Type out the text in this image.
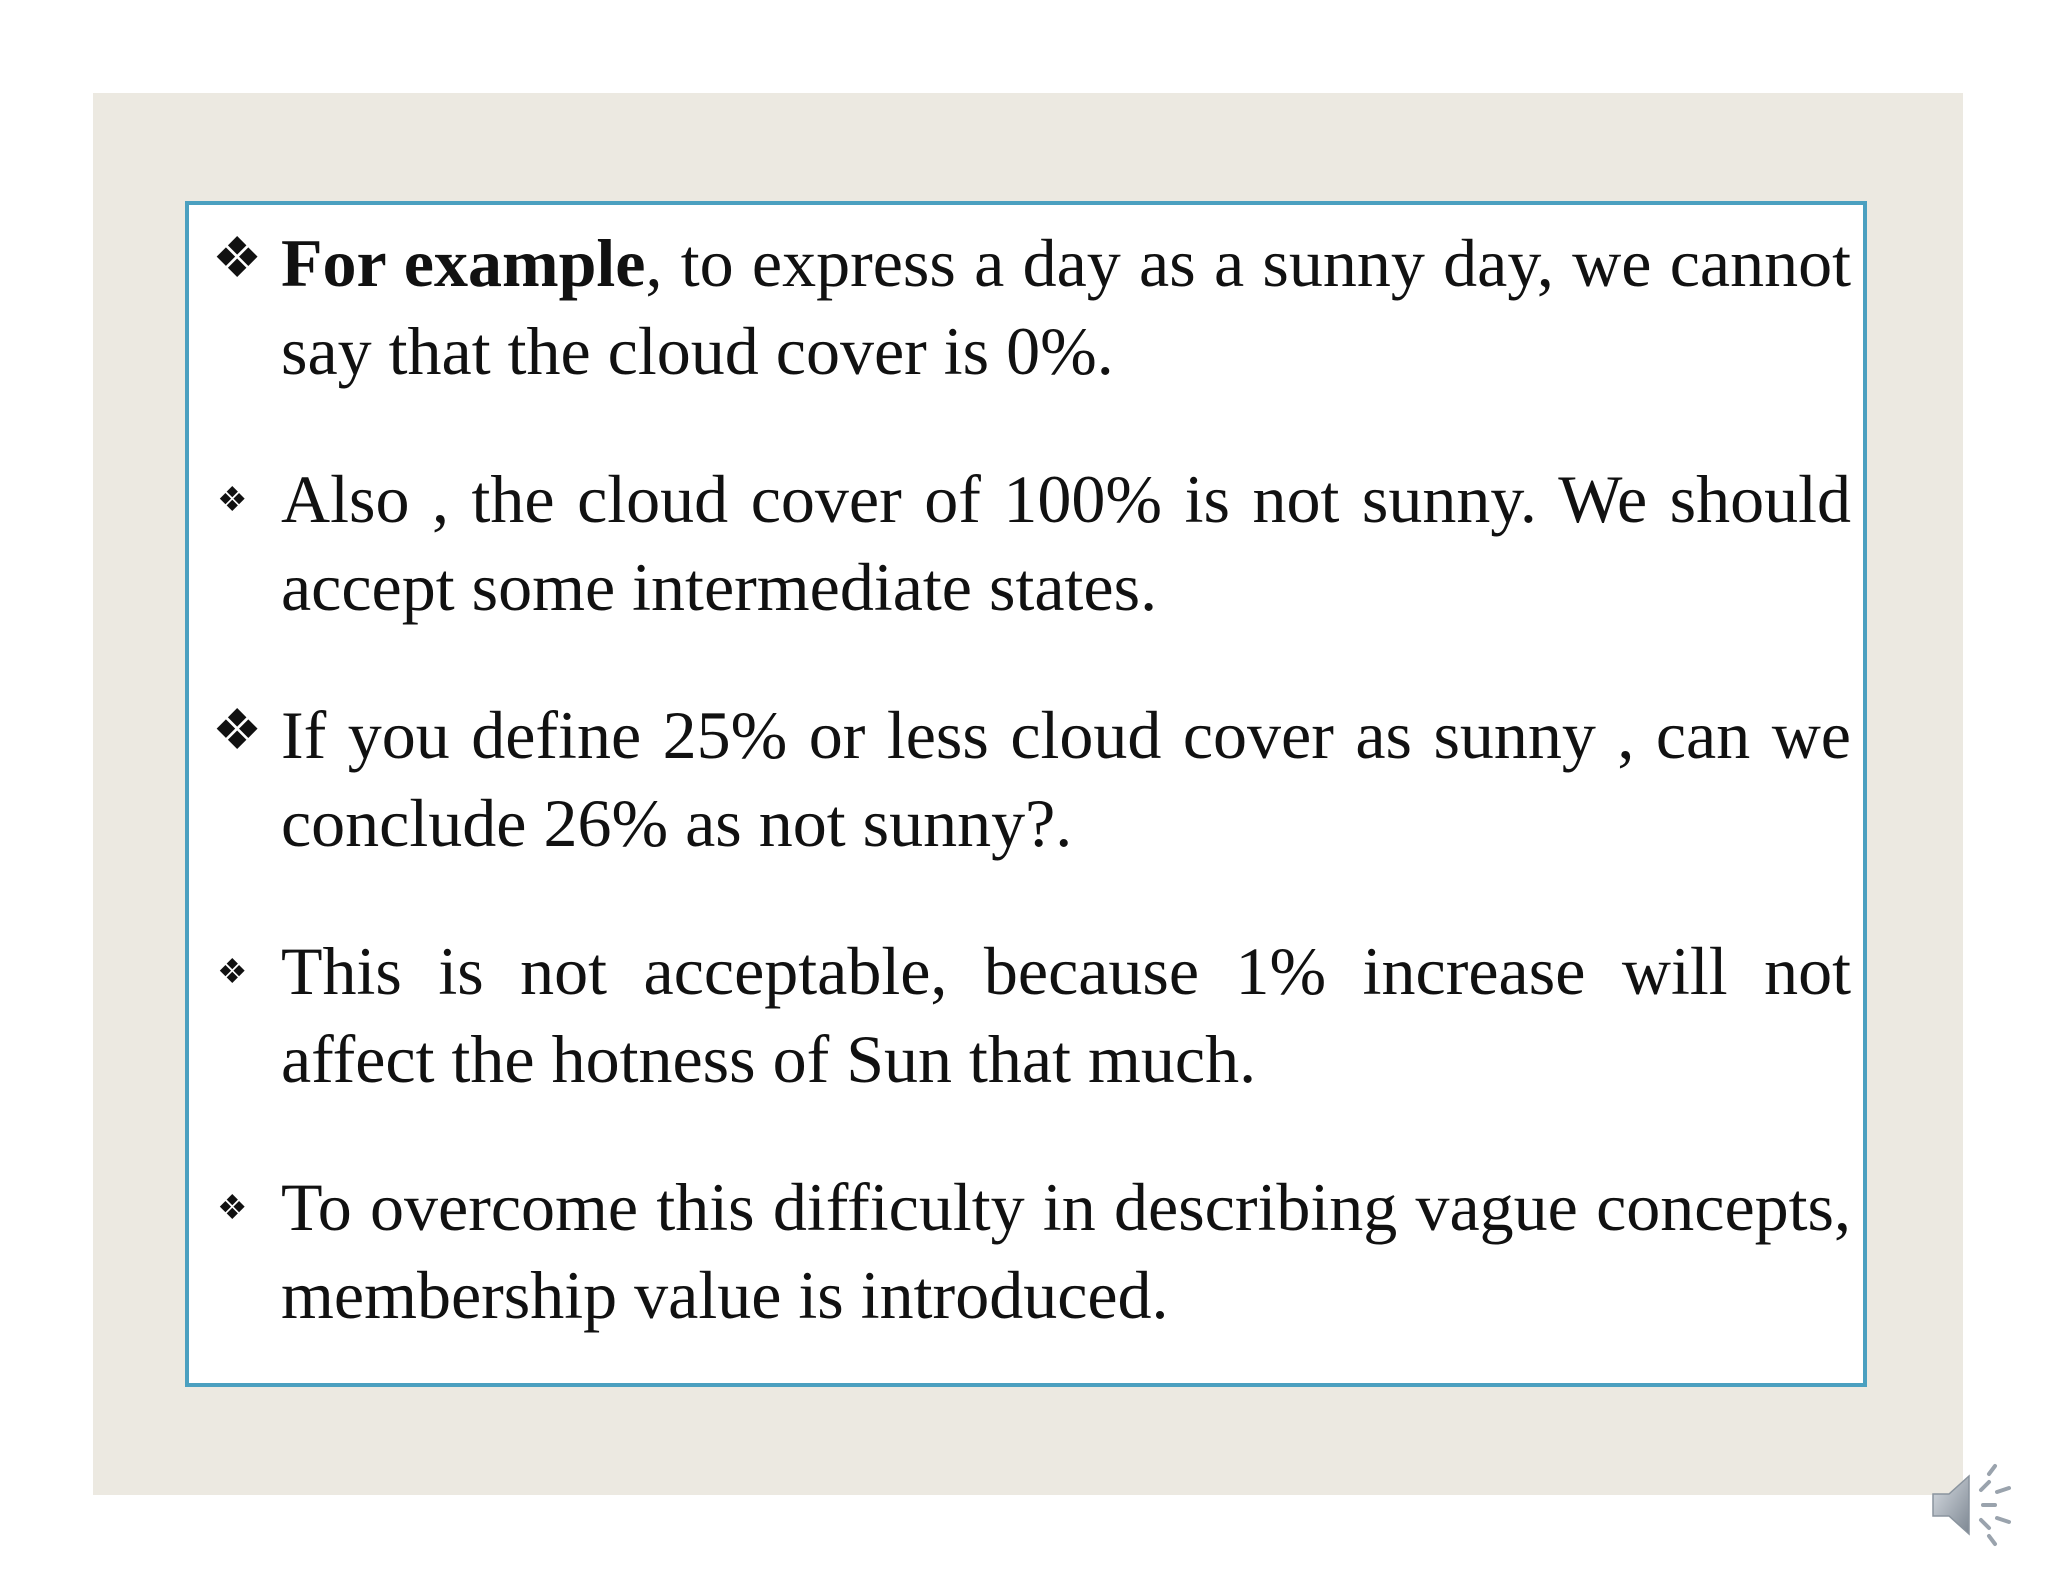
❖ For example, to express a day as a sunny day, we cannot say that the cloud cover is 0%.
❖ Also , the cloud cover of 100% is not sunny. We should accept some intermediate states.
❖ If you define 25% or less cloud cover as sunny , can we conclude 26% as not sunny?.
❖ This is not acceptable, because 1% increase will not affect the hotness of Sun that much.
❖ To overcome this difficulty in describing vague concepts, membership value is introduced.
